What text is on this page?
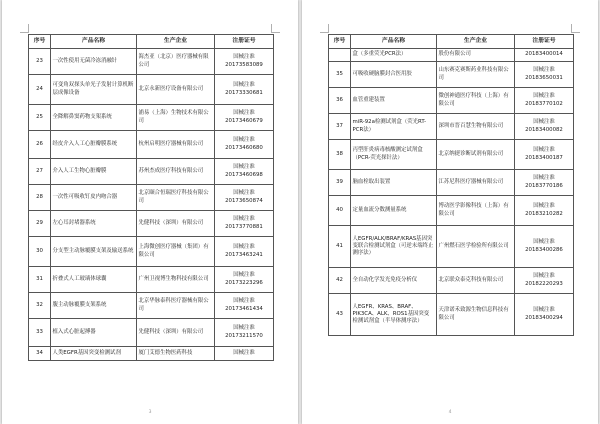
序号	产品名称	生产企业	注册证号
23	一次性使用无菌冷冻消融针	海杰亚（北京）医疗器械有限公司	国械注准
20173583089

24	可变角双探头单光子发射计算机断层成像设备	北京永新医疗设备有限公司	国械注准
20173330681

25	全降解鼻窦药物支架系统	浦易（上海）生物技术有限公司	国械注准
20173460679

26	经皮介入人工心脏瓣膜系统	杭州启明医疗器械有限公司	国械注准
20173460680

27	介入人工生物心脏瓣膜	苏州杰成医疗科技有限公司	国械注准
20173460698

28	一次性可吸收钉皮内吻合器	北京颐合恒瑞医疗科技有限公司	国械注准
20173650874

29	左心耳封堵器系统	先健科技（深圳）有限公司	国械注准
20173770881

30	分支型主动脉覆膜支架及输送系统	上海微创医疗器械（集团）有限公司	国械注准
20173463241

31	折叠式人工玻璃体球囊	广州卫视博生物科技有限公司	国械注准
20173223296

32	腹主动脉覆膜支架系统	北京华脉泰科医疗器械有限公司	国械注准
20173461434

33	植入式心脏起搏器	先健科技（深圳）有限公司	国械注准
20173211570

34	人类EGFR基因突变检测试剂	厦门艾德生物医药科技	国械注准
3
序号	产品名称	生产企业	注册证号
	盒（多重荧光PCR法）	股份有限公司	20183400014

35	可吸收硬脑膜封合医用胶	山东赛克赛斯药业科技有限公司	国械注准
20183650031

36	血管重建装置	微创神通医疗科技（上海）有限公司	国械注准
20183770102

37	miR-92a检测试剂盒（荧光RT-PCR法）	深圳市晋百慧生物有限公司	国械注准
20183400082

38	丙型肝炎病毒核酸测定试剂盒（PCR-荧光探针法）	北京纳捷诊断试剂有限公司	国械注准
20183400187

39	脑血栓取出装置	江苏尼科医疗器械有限公司	国械注准
20183770186

40	定量血流分数测量系统	博动医学影像科技（上海）有限公司	国械注准
20183210282

41	人EGFR/ALK/BRAF/KRAS基因突变联合检测试剂盒（可逆末端终止测序法）	广州燃石医学检验所有限公司	国械注准
20183400286

42	全自动化学发光免疫分析仪	北京联众泰克科技有限公司	国械注准
20182220293

43	人EGFR、KRAS、BRAF、PIK3CA、ALK、ROS1基因突变检测试剂盒（半导体测序法）	天津诺禾致源生物信息科技有限公司	国械注准
20183400294
4
